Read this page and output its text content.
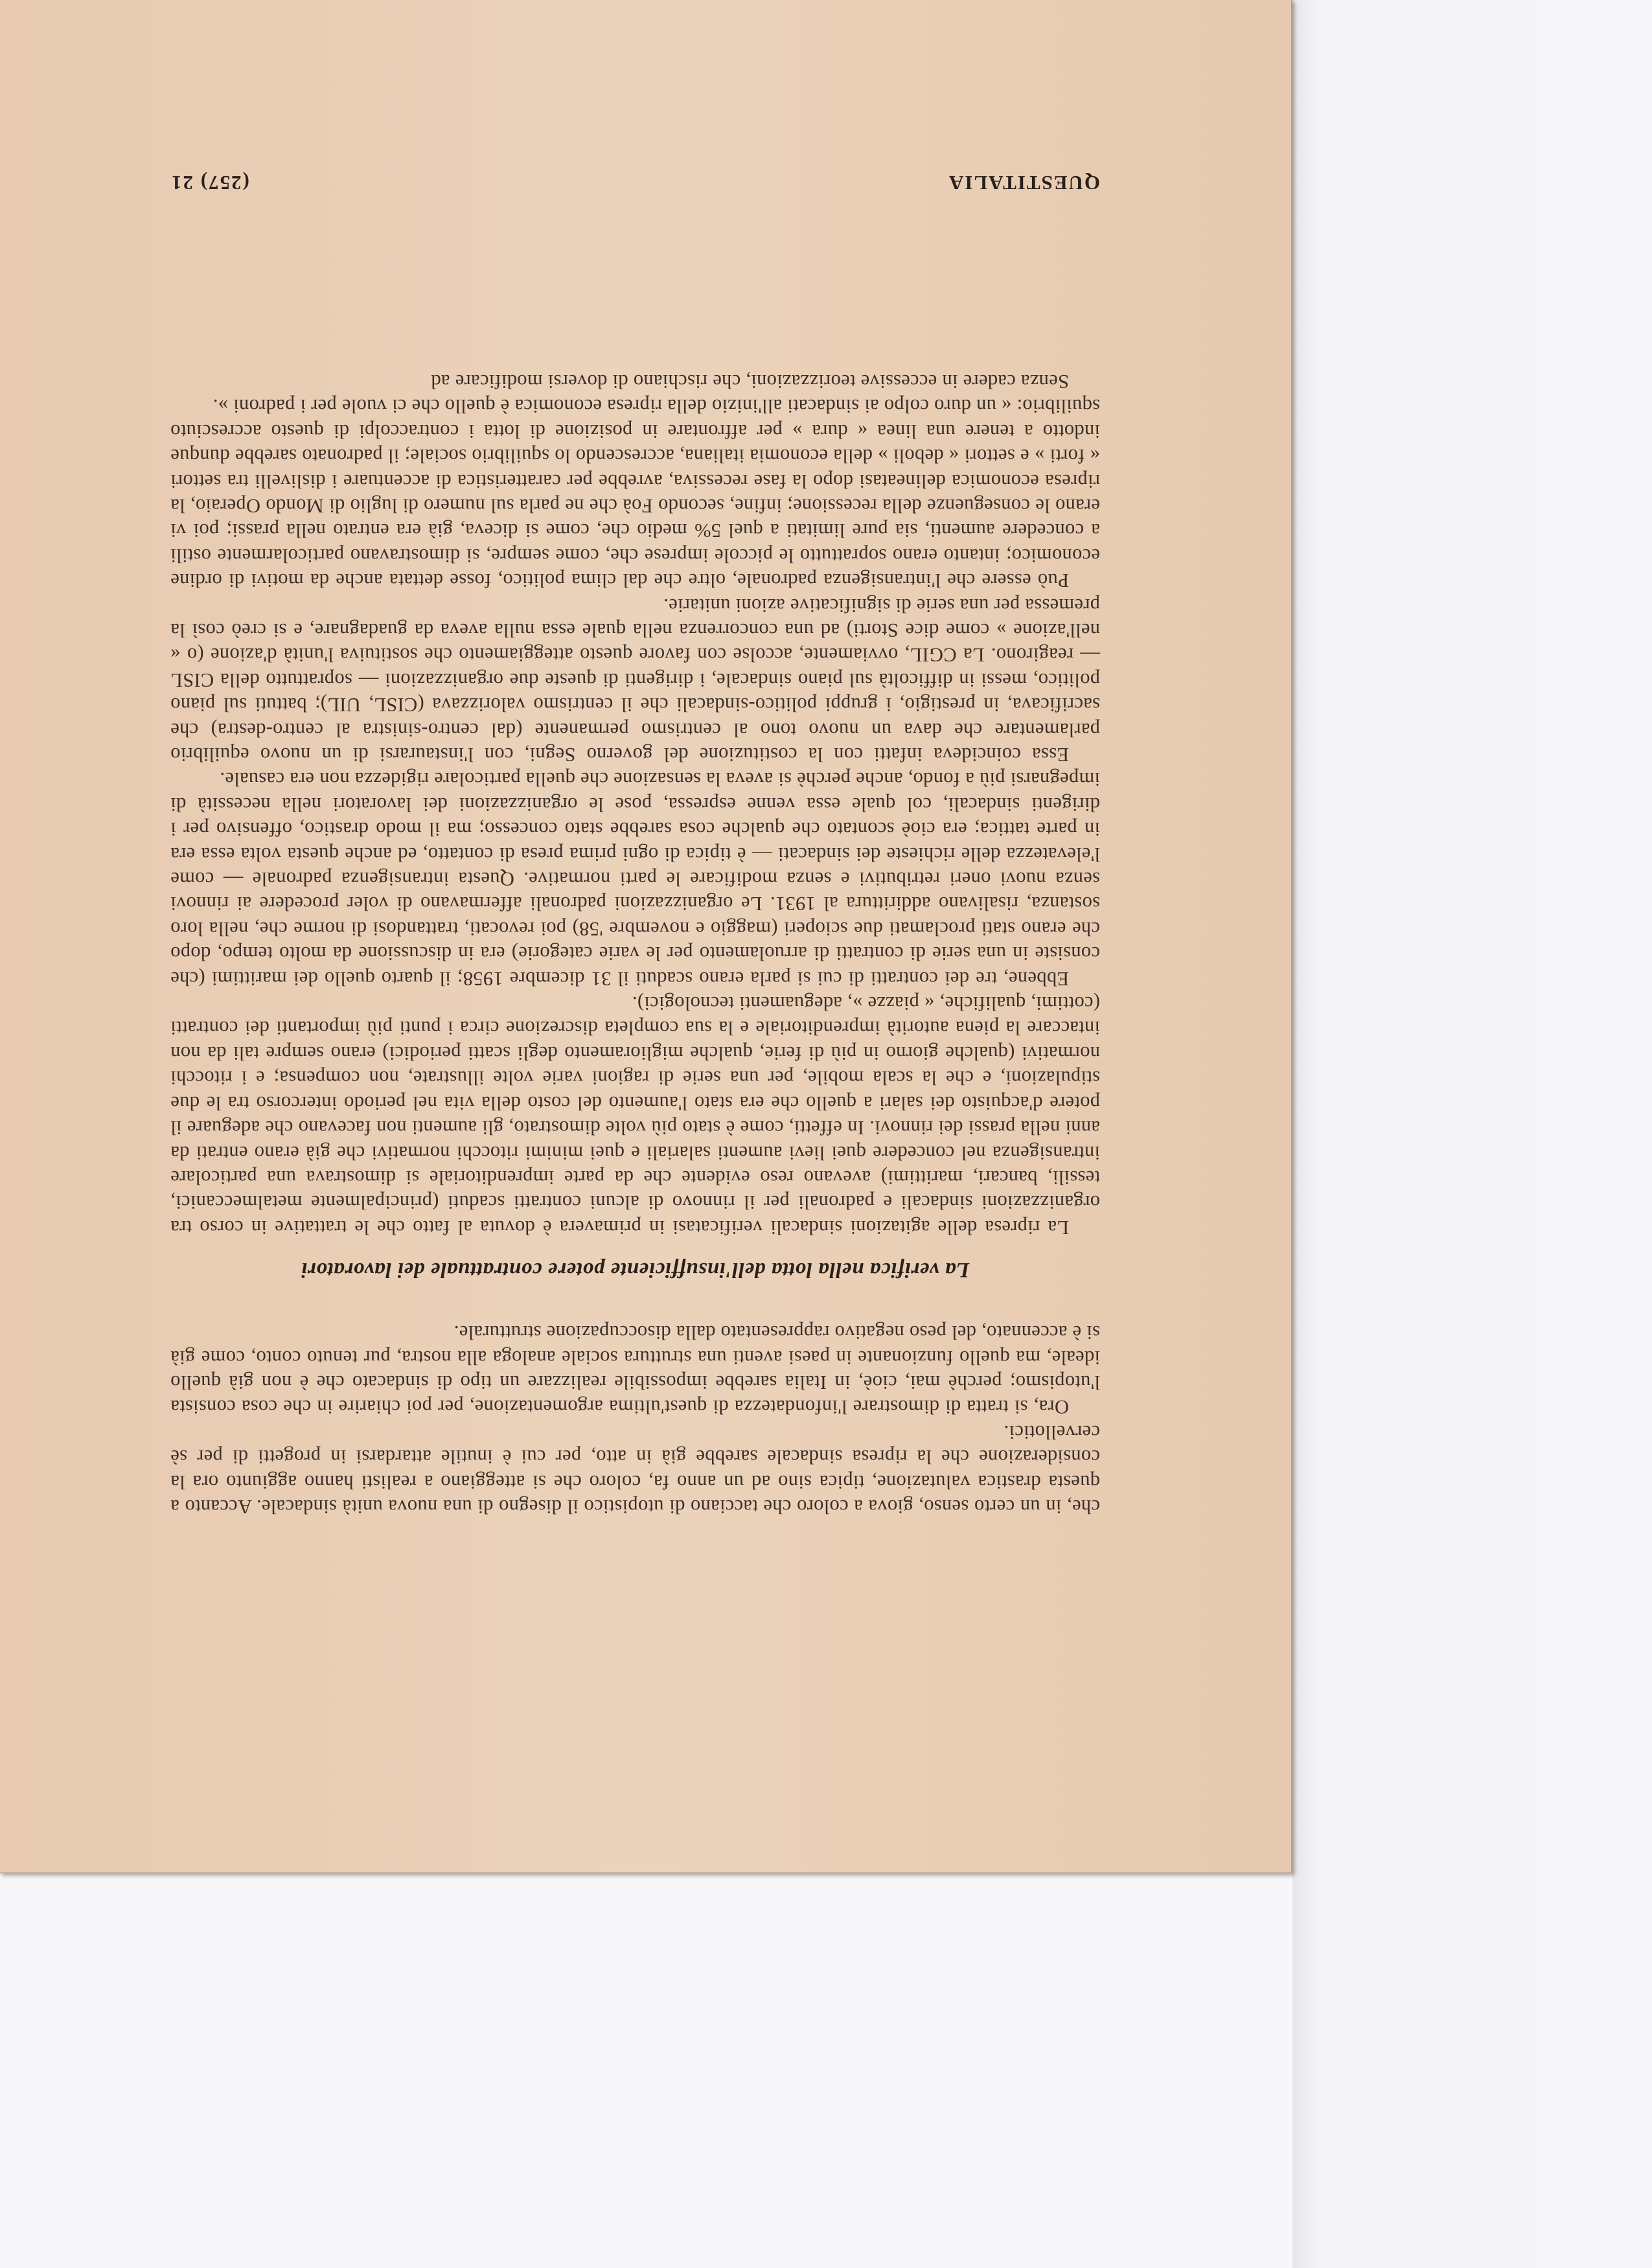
QUESTITALIA
(257) 21

che, in un certo senso, giova a coloro che tacciano di utopistico il disegno di una nuova unità sindacale. Accanto a questa drastica valutazione, tipica sino ad un anno fa, coloro che si atteggiano a realisti hanno aggiunto ora la considerazione che la ripresa sindacale sarebbe già in atto, per cui è inutile attardarsi in progetti di per sè cervellotici.

Ora, si tratta di dimostrare l'infondatezza di quest'ultima argomentazione, per poi chiarire in che cosa consista l'utopismo; perchè mai, cioè, in Italia sarebbe impossibile realizzare un tipo di sindacato che è non già quello ideale, ma quello funzionante in paesi aventi una struttura sociale analoga alla nostra, pur tenuto conto, come già si è accennato, del peso negativo rappresentato dalla disoccupazione strutturale.

La verifica nella lotta dell'insufficiente potere contrattuale dei lavoratori

La ripresa delle agitazioni sindacali verificatasi in primavera è dovuta al fatto che le trattative in corso tra organizzazioni sindacali e padronali per il rinnovo di alcuni contratti scaduti (principalmente metalmeccanici, tessili, bancari, marittimi) avevano reso evidente che da parte imprenditoriale si dimostrava una particolare intransigenza nel concedere quei lievi aumenti salariali e quei minimi ritocchi normativi che già erano entrati da anni nella prassi dei rinnovi. In effetti, come è stato più volte dimostrato, gli aumenti non facevano che adeguare il potere d'acquisto dei salari a quello che era stato l'aumento del costo della vita nel periodo intercorso tra le due stipulazioni, e che la scala mobile, per una serie di ragioni varie volte illustrate, non compensa; e i ritocchi normativi (qualche giorno in più di ferie, qualche miglioramento degli scatti periodici) erano sempre tali da non intaccare la piena autorità imprenditoriale e la sua completa discrezione circa i punti più importanti dei contratti (cottimi, qualifiche, « piazze », adeguamenti tecnologici).

Ebbene, tre dei contratti di cui si parla erano scaduti il 31 dicembre 1958; il quarto quello dei marittimi (che consiste in una serie di contratti di arruolamento per le varie categorie) era in discussione da molto tempo, dopo che erano stati proclamati due scioperi (maggio e novembre '58) poi revocati, trattandosi di norme che, nella loro sostanza, risalivano addirittura al 1931. Le organizzazioni padronali affermavano di voler procedere ai rinnovi senza nuovi oneri retributivi e senza modificare le parti normative. Questa intransigenza padronale — come l'elevatezza delle richieste dei sindacati — è tipica di ogni prima presa di contatto, ed anche questa volta essa era in parte tattica; era cioè scontato che qualche cosa sarebbe stato concesso; ma il modo drastico, offensivo per i dirigenti sindacali, col quale essa venne espressa, pose le organizzazioni dei lavoratori nella necessità di impegnarsi più a fondo, anche perchè si aveva la sensazione che quella particolare rigidezza non era casuale.

Essa coincideva infatti con la costituzione del governo Segni, con l'instaurarsi di un nuovo equilibrio parlamentare che dava un nuovo tono al centrismo permanente (dal centro-sinistra al centro-destra) che sacrificava, in prestigio, i gruppi politico-sindacali che il centrismo valorizzava (CISL, UIL); battuti sul piano politico, messi in difficoltà sul piano sindacale, i dirigenti di queste due organizzazioni — soprattutto della CISL — reagirono. La CGIL, ovviamente, accolse con favore questo atteggiamento che sostituiva l'unità d'azione (o « nell'azione » come dice Storti) ad una concorrenza nella quale essa nulla aveva da guadagnare, e si creò così la premessa per una serie di significative azioni unitarie.

Può essere che l'intransigenza padronale, oltre che dal clima politico, fosse dettata anche da motivi di ordine economico; intanto erano soprattutto le piccole imprese che, come sempre, si dimostravano particolarmente ostili a concedere aumenti, sia pure limitati a quel 5% medio che, come si diceva, già era entrato nella prassi; poi vi erano le conseguenze della recessione; infine, secondo Foà che ne parla sul numero di luglio di Mondo Operaio, la ripresa economica delineatasi dopo la fase recessiva, avrebbe per caratteristica di accentuare i dislivelli tra settori « forti » e settori « deboli » della economia italiana, accrescendo lo squilibrio sociale; il padronato sarebbe dunque indotto a tenere una linea « dura » per affrontare in posizione di lotta i contraccolpi di questo accresciuto squilibrio: « un duro colpo ai sindacati all'inizio della ripresa economica è quello che ci vuole per i padroni ».

Senza cadere in eccessive teorizzazioni, che rischiano di doversi modificare ad
